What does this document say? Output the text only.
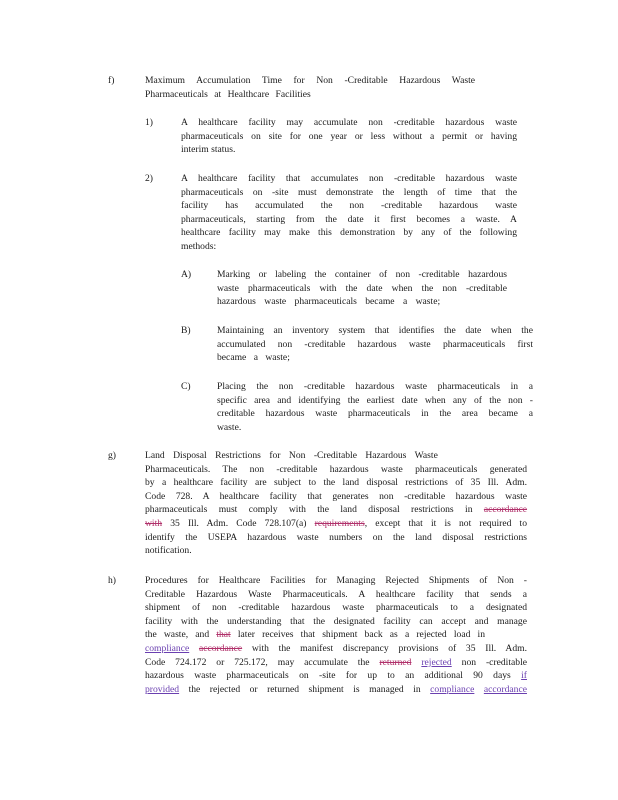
f)	Maximum Accumulation Time for Non -Creditable Hazardous Waste
Pharmaceuticals at Healthcare Facilities
1)	A healthcare facility may accumulate non -creditable hazardous waste
pharmaceuticals on site for one year or less without a permit or having
interim status.
2)	A healthcare facility that accumulates non -creditable hazardous waste
pharmaceuticals on -site must demonstrate the length of time that the
facility has accumulated the non -creditable hazardous waste
pharmaceuticals, starting from the date it first becomes a waste. A
healthcare facility may make this demonstration by any of the following
methods:
A)	Marking or labeling the container of non -creditable hazardous
waste pharmaceuticals with the date when the non -creditable
hazardous waste pharmaceuticals became a waste;
B)	Maintaining an inventory system that identifies the date when the
accumulated non -creditable hazardous waste pharmaceuticals first
became a waste;
C)	Placing the non -creditable hazardous waste pharmaceuticals in a
specific area and identifying the earliest date when any of the non -
creditable hazardous waste pharmaceuticals in the area became a
waste.
g)	Land Disposal Restrictions for Non -Creditable Hazardous Waste
Pharmaceuticals. The non -creditable hazardous waste pharmaceuticals generated
by a healthcare facility are subject to the land disposal restrictions of 35 Ill. Adm.
Code 728. A healthcare facility that generates non -creditable hazardous waste
pharmaceuticals must comply with the land disposal restrictions in accordance
with 35 Ill. Adm. Code 728.107(a) requirements, except that it is not required to
identify the USEPA hazardous waste numbers on the land disposal restrictions
notification.
h)	Procedures for Healthcare Facilities for Managing Rejected Shipments of Non -
Creditable Hazardous Waste Pharmaceuticals. A healthcare facility that sends a
shipment of non -creditable hazardous waste pharmaceuticals to a designated
facility with the understanding that the designated facility can accept and manage
the waste, and that later receives that shipment back as a rejected load in
compliance accordance with the manifest discrepancy provisions of 35 Ill. Adm.
Code 724.172 or 725.172, may accumulate the returned rejected non -creditable
hazardous waste pharmaceuticals on -site for up to an additional 90 days if
provided the rejected or returned shipment is managed in compliance accordance
